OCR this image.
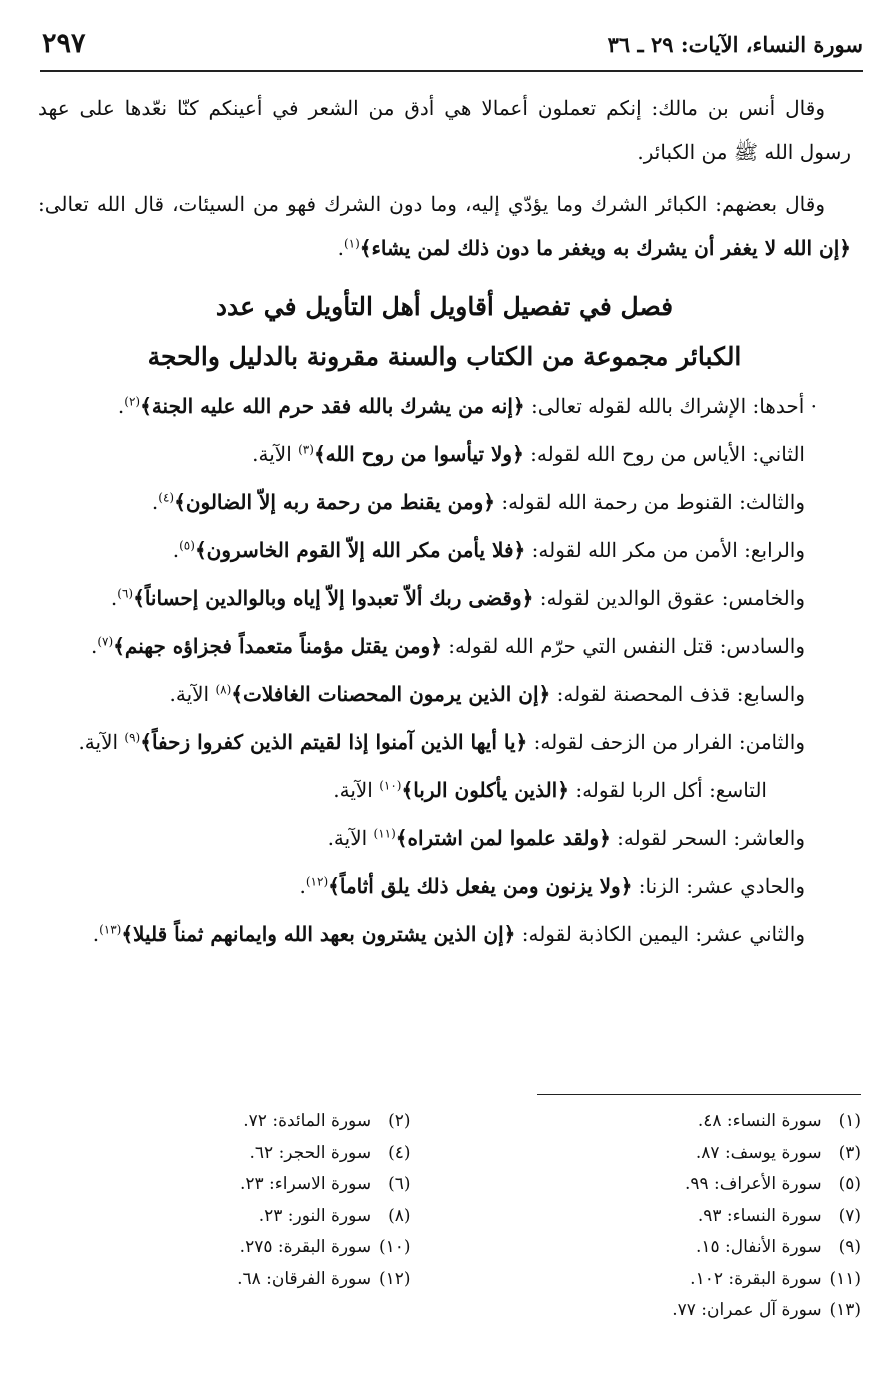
سورة النساء، الآيات: ٢٩ ـ ٣٦
٢٩٧

وقال أنس بن مالك: إنكم تعملون أعمالا هي أدق من الشعر في أعينكم كنّا نعّدها على عهد رسول الله ﷺ من الكبائر.

وقال بعضهم: الكبائر الشرك وما يؤدّي إليه، وما دون الشرك فهو من السيئات، قال الله تعالى: ﴿إن الله لا يغفر أن يشرك به ويغفر ما دون ذلك لمن يشاء﴾$^{(١)}$.

فصل في تفصيل أقاويل أهل التأويل في عدد
الكبائر مجموعة من الكتاب والسنة مقرونة بالدليل والحجة

· أحدها: الإشراك بالله لقوله تعالى: ﴿إنه من يشرك بالله فقد حرم الله عليه الجنة﴾$^{(٢)}$.

الثاني: الأياس من روح الله لقوله: ﴿ولا تيأسوا من روح الله﴾$^{(٣)}$ الآية.

والثالث: القنوط من رحمة الله لقوله: ﴿ومن يقنط من رحمة ربه إلاّ الضالون﴾$^{(٤)}$.

والرابع: الأمن من مكر الله لقوله: ﴿فلا يأمن مكر الله إلاّ القوم الخاسرون﴾$^{(٥)}$.

والخامس: عقوق الوالدين لقوله: ﴿وقضى ربك ألاّ تعبدوا إلاّ إياه وبالوالدين إحساناً﴾$^{(٦)}$.

والسادس: قتل النفس التي حرّم الله لقوله: ﴿ومن يقتل مؤمناً متعمداً فجزاؤه جهنم﴾$^{(٧)}$.

والسابع: قذف المحصنة لقوله: ﴿إن الذين يرمون المحصنات الغافلات﴾$^{(٨)}$ الآية.

والثامن: الفرار من الزحف لقوله: ﴿يا أيها الذين آمنوا إذا لقيتم الذين كفروا زحفاً﴾$^{(٩)}$ الآية.

التاسع: أكل الربا لقوله: ﴿الذين يأكلون الربا﴾$^{(١٠)}$ الآية.

والعاشر: السحر لقوله: ﴿ولقد علموا لمن اشتراه﴾$^{(١١)}$ الآية.

والحادي عشر: الزنا: ﴿ولا يزنون ومن يفعل ذلك يلق أثاماً﴾$^{(١٢)}$.

والثاني عشر: اليمين الكاذبة لقوله: ﴿إن الذين يشترون بعهد الله وايمانهم ثمناً قليلا﴾$^{(١٣)}$.

(١) سورة النساء: ٤٨.
(٢) سورة المائدة: ٧٢.
(٣) سورة يوسف: ٨٧.
(٤) سورة الحجر: ٦٢.
(٥) سورة الأعراف: ٩٩.
(٦) سورة الاسراء: ٢٣.
(٧) سورة النساء: ٩٣.
(٨) سورة النور: ٢٣.
(٩) سورة الأنفال: ١٥.
(١٠) سورة البقرة: ٢٧٥.
(١١) سورة البقرة: ١٠٢.
(١٢) سورة الفرقان: ٦٨.
(١٣) سورة آل عمران: ٧٧.
